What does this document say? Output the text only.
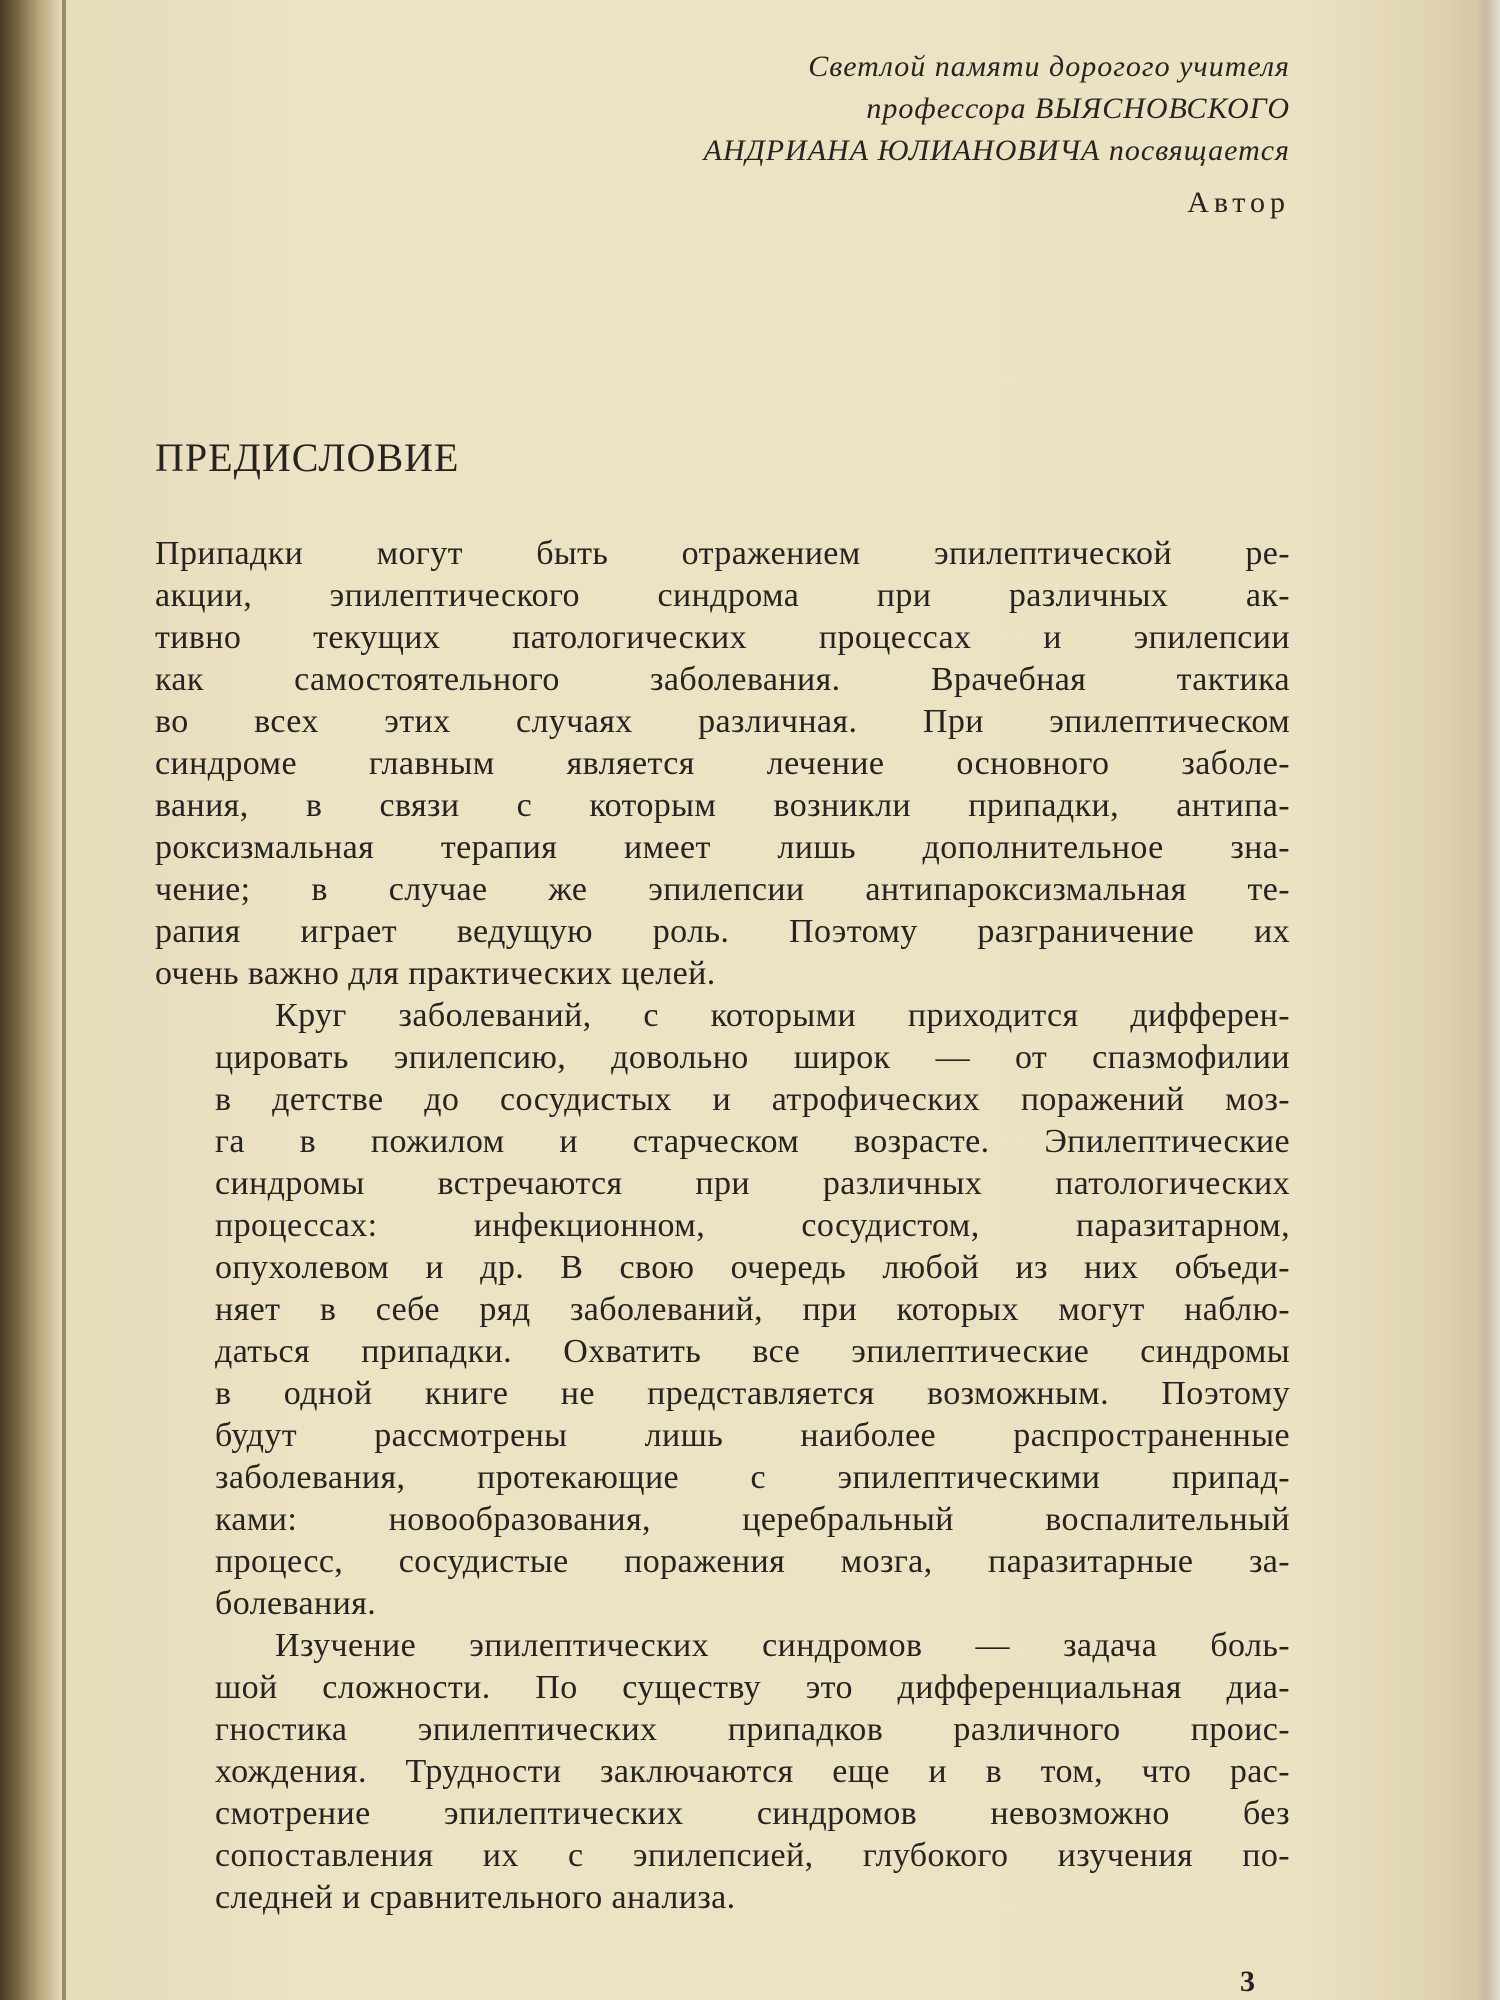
Светлой памяти дорогого учителя
профессора ВЫЯСНОВСКОГО
АНДРИАНА ЮЛИАНОВИЧА посвящается
Автор
ПРЕДИСЛОВИЕ

Припадки могут быть отражением эпилептической ре-
акции, эпилептического синдрома при различных ак-
тивно текущих патологических процессах и эпилепсии
как самостоятельного заболевания. Врачебная тактика
во всех этих случаях различная. При эпилептическом
синдроме главным является лечение основного заболе-
вания, в связи с которым возникли припадки, антипа-
роксизмальная терапия имеет лишь дополнительное зна-
чение; в случае же эпилепсии антипароксизмальная те-
рапия играет ведущую роль. Поэтому разграничение их
очень важно для практических целей.

Круг заболеваний, с которыми приходится дифферен-
цировать эпилепсию, довольно широк — от спазмофилии
в детстве до сосудистых и атрофических поражений моз-
га в пожилом и старческом возрасте. Эпилептические
синдромы встречаются при различных патологических
процессах: инфекционном, сосудистом, паразитарном,
опухолевом и др. В свою очередь любой из них объеди-
няет в себе ряд заболеваний, при которых могут наблю-
даться припадки. Охватить все эпилептические синдромы
в одной книге не представляется возможным. Поэтому
будут рассмотрены лишь наиболее распространенные
заболевания, протекающие с эпилептическими припад-
ками: новообразования, церебральный воспалительный
процесс, сосудистые поражения мозга, паразитарные за-
болевания.

Изучение эпилептических синдромов — задача боль-
шой сложности. По существу это дифференциальная диа-
гностика эпилептических припадков различного проис-
хождения. Трудности заключаются еще и в том, что рас-
смотрение эпилептических синдромов невозможно без
сопоставления их с эпилепсией, глубокого изучения по-
следней и сравнительного анализа.

3
